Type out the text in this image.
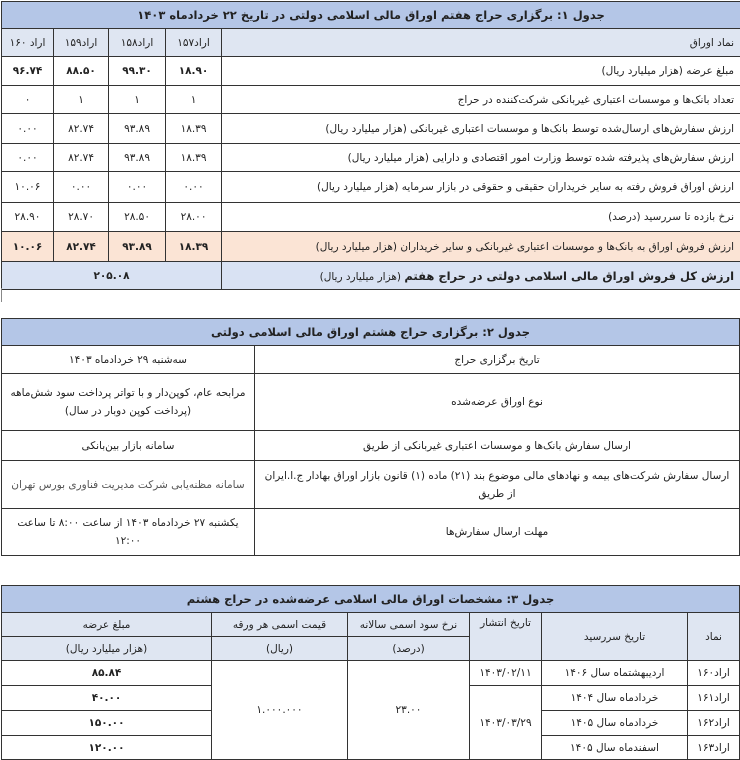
جدول ۱: برگزاری حراج هفتم اوراق مالی اسلامی دولتی در تاریخ ۲۲ خردادماه ۱۴۰۳				
نماد اوراق	اراد۱۵۷	اراد۱۵۸	اراد۱۵۹	اراد ۱۶۰
مبلغ عرضه (هزار میلیارد ریال)	۱۸.۹۰	۹۹.۳۰	۸۸.۵۰	۹۶.۷۴
تعداد بانک‌ها و موسسات اعتباری غیربانکی شرکت‌کننده در حراج	۱	۱	۱	۰
ارزش سفارش‌های ارسال‌شده توسط بانک‌ها و موسسات اعتباری غیربانکی (هزار میلیارد ریال)	۱۸.۳۹	۹۳.۸۹	۸۲.۷۴	۰.۰۰
ارزش سفارش‌های پذیرفته شده توسط وزارت امور اقتصادی و دارایی (هزار میلیارد ریال)	۱۸.۳۹	۹۳.۸۹	۸۲.۷۴	۰.۰۰
ارزش اوراق فروش رفته به سایر خریداران حقیقی و حقوقی در بازار سرمایه (هزار میلیارد ریال)	۰.۰۰	۰.۰۰	۰.۰۰	۱۰.۰۶
نرخ بازده تا سررسید (درصد)	۲۸.۰۰	۲۸.۵۰	۲۸.۷۰	۲۸.۹۰
ارزش فروش اوراق به بانک‌ها و موسسات اعتباری غیربانکی و سایر خریداران (هزار میلیارد ریال)	۱۸.۳۹	۹۳.۸۹	۸۲.۷۴	۱۰.۰۶
ارزش کل فروش اوراق مالی اسلامی دولتی در حراج هفتم (هزار میلیارد ریال)	۲۰۵.۰۸			
جدول ۲: برگزاری حراج هشتم اوراق مالی اسلامی دولتی	
تاریخ برگزاری حراج	سه‌شنبه ۲۹ خردادماه ۱۴۰۳
نوع اوراق عرضه‌شده	مرابحه عام، کوپن‌دار و با تواتر پرداخت سود شش‌ماهه (پرداخت کوپن دوبار در سال)
ارسال سفارش بانک‌ها و موسسات اعتباری غیربانکی از طریق	سامانه بازار بین‌بانکی
ارسال سفارش شرکت‌های بیمه و نهادهای مالی موضوع بند (۲۱) ماده (۱) قانون بازار اوراق بهادار ج.ا.ایران از طریق	سامانه مظنه‌یابی شرکت مدیریت فناوری بورس تهران
مهلت ارسال سفارش‌ها	یکشنبه ۲۷ خردادماه ۱۴۰۳ از ساعت ۸:۰۰ تا ساعت ۱۲:۰۰
جدول ۳: مشخصات اوراق مالی اسلامی عرضه‌شده در حراج هشتم					
نماد	تاریخ سررسید	تاریخ انتشار	نرخ سود اسمی سالانه	قیمت اسمی هر ورقه	مبلغ عرضه
			(درصد)	(ریال)	(هزار میلیارد ریال)
اراد۱۶۰	اردیبهشتماه سال ۱۴۰۶	۱۴۰۳/۰۲/۱۱	۲۳.۰۰	۱.۰۰۰.۰۰۰	۸۵.۸۴
اراد۱۶۱	خردادماه سال ۱۴۰۴	۱۴۰۳/۰۳/۲۹			۴۰.۰۰
اراد۱۶۲	خردادماه سال ۱۴۰۵				۱۵۰.۰۰
اراد۱۶۳	اسفندماه سال ۱۴۰۵				۱۲۰.۰۰
